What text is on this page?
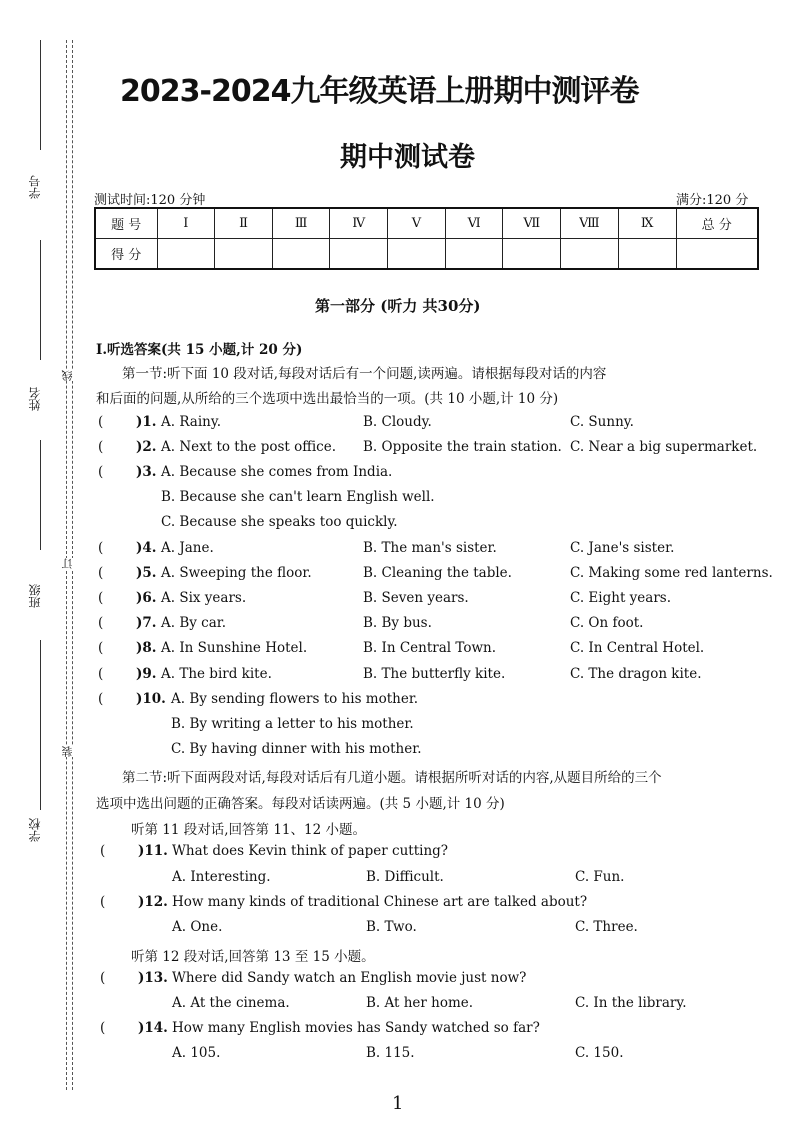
学号
姓名
班级
学校
线
订
装
2023-2024九年级英语上册期中测评卷
期中测试卷
测试时间:120 分钟	满分:120 分
题 号	Ⅰ	Ⅱ	Ⅲ	Ⅳ	Ⅴ	Ⅵ	Ⅶ	Ⅷ	Ⅸ	总 分
得 分										
第一部分 (听力 共30分)
Ⅰ.听选答案(共 15 小题,计 20 分)
第一节:听下面 10 段对话,每段对话后有一个问题,读两遍。请根据每段对话的内容
和后面的问题,从所给的三个选项中选出最恰当的一项。(共 10 小题,计 10 分)
( )1. A. Rainy.	B. Cloudy.	C. Sunny.
( )2. A. Next to the post office. B. Opposite the train station. C. Near a big supermarket.
( )3. A. Because she comes from India.
B. Because she can't learn English well.
C. Because she speaks too quickly.
( )4. A. Jane.	B. The man's sister.	C. Jane's sister.
( )5. A. Sweeping the floor.	B. Cleaning the table.	C. Making some red lanterns.
( )6. A. Six years.	B. Seven years.	C. Eight years.
( )7. A. By car.	B. By bus.	C. On foot.
( )8. A. In Sunshine Hotel.	B. In Central Town.	C. In Central Hotel.
( )9. A. The bird kite.	B. The butterfly kite.	C. The dragon kite.
( )10. A. By sending flowers to his mother.
B. By writing a letter to his mother.
C. By having dinner with his mother.
第二节:听下面两段对话,每段对话后有几道小题。请根据所听对话的内容,从题目所给的三个
选项中选出问题的正确答案。每段对话读两遍。(共 5 小题,计 10 分)
听第 11 段对话,回答第 11、12 小题。
( )11. What does Kevin think of paper cutting?
A. Interesting.	B. Difficult.	C. Fun.
( )12. How many kinds of traditional Chinese art are talked about?
A. One.	B. Two.	C. Three.
听第 12 段对话,回答第 13 至 15 小题。
( )13. Where did Sandy watch an English movie just now?
A. At the cinema.	B. At her home.	C. In the library.
( )14. How many English movies has Sandy watched so far?
A. 105.	B. 115.	C. 150.
1
